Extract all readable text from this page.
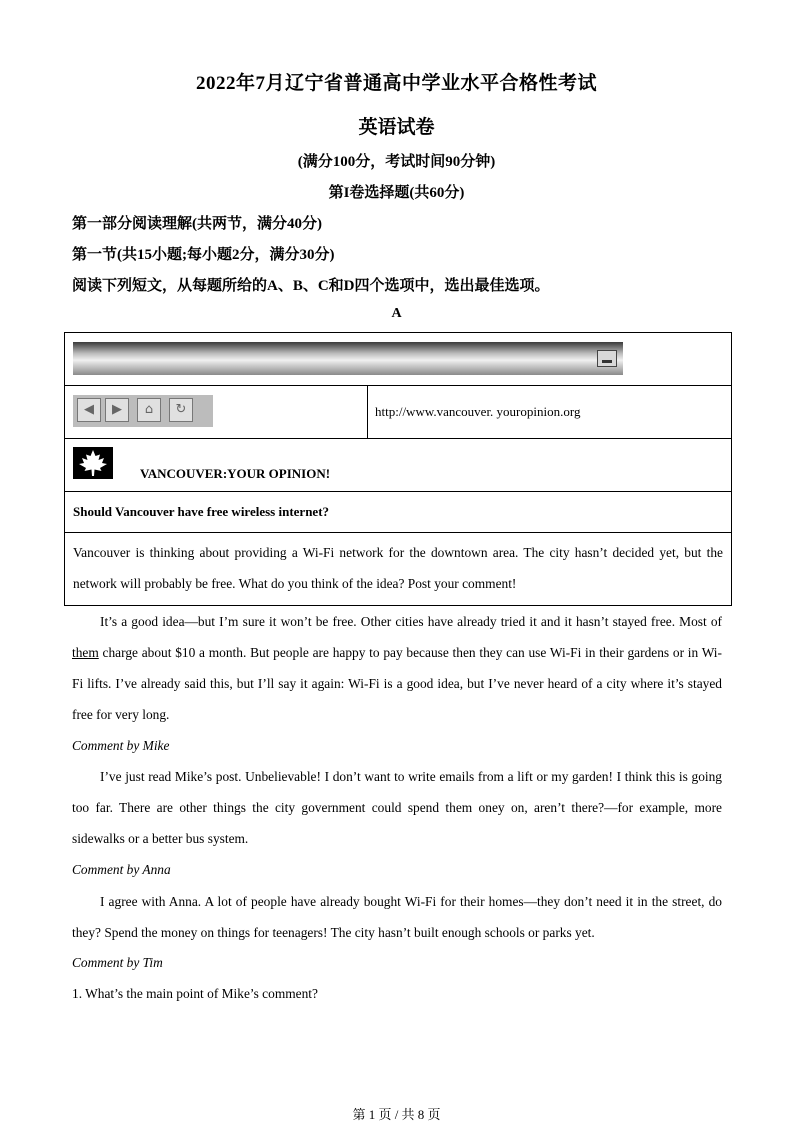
2022年7月辽宁省普通高中学业水平合格性考试
英语试卷
(满分100分，考试时间90分钟)
第I卷选择题(共60分)
第一部分阅读理解(共两节，满分40分)
第一节(共15小题;每小题2分，满分30分)
阅读下列短文，从每题所给的A、B、C和D四个选项中，选出最佳选项。
A
◀	▶	⌂	↻	http://www.vancouver. youropinion.org
VANCOUVER:YOUR OPINION!
Should Vancouver have free wireless internet?
Vancouver is thinking about providing a Wi-Fi network for the downtown area. The city hasn’t decided yet, but the network will probably be free. What do you think of the idea? Post your comment!
It’s a good idea—but I’m sure it won’t be free. Other cities have already tried it and it hasn’t stayed free. Most of them charge about $10 a month. But people are happy to pay because then they can use Wi-Fi in their gardens or in Wi-Fi lifts. I’ve already said this, but I’ll say it again: Wi-Fi is a good idea, but I’ve never heard of a city where it’s stayed free for very long.
Comment by Mike
I’ve just read Mike’s post. Unbelievable! I don’t want to write emails from a lift or my garden! I think this is going too far. There are other things the city government could spend them oney on, aren’t there?—for example, more sidewalks or a better bus system.
Comment by Anna
I agree with Anna. A lot of people have already bought Wi-Fi for their homes—they don’t need it in the street, do they? Spend the money on things for teenagers! The city hasn’t built enough schools or parks yet.
Comment by Tim
1. What’s the main point of Mike’s comment?
第 1 页 / 共 8 页
